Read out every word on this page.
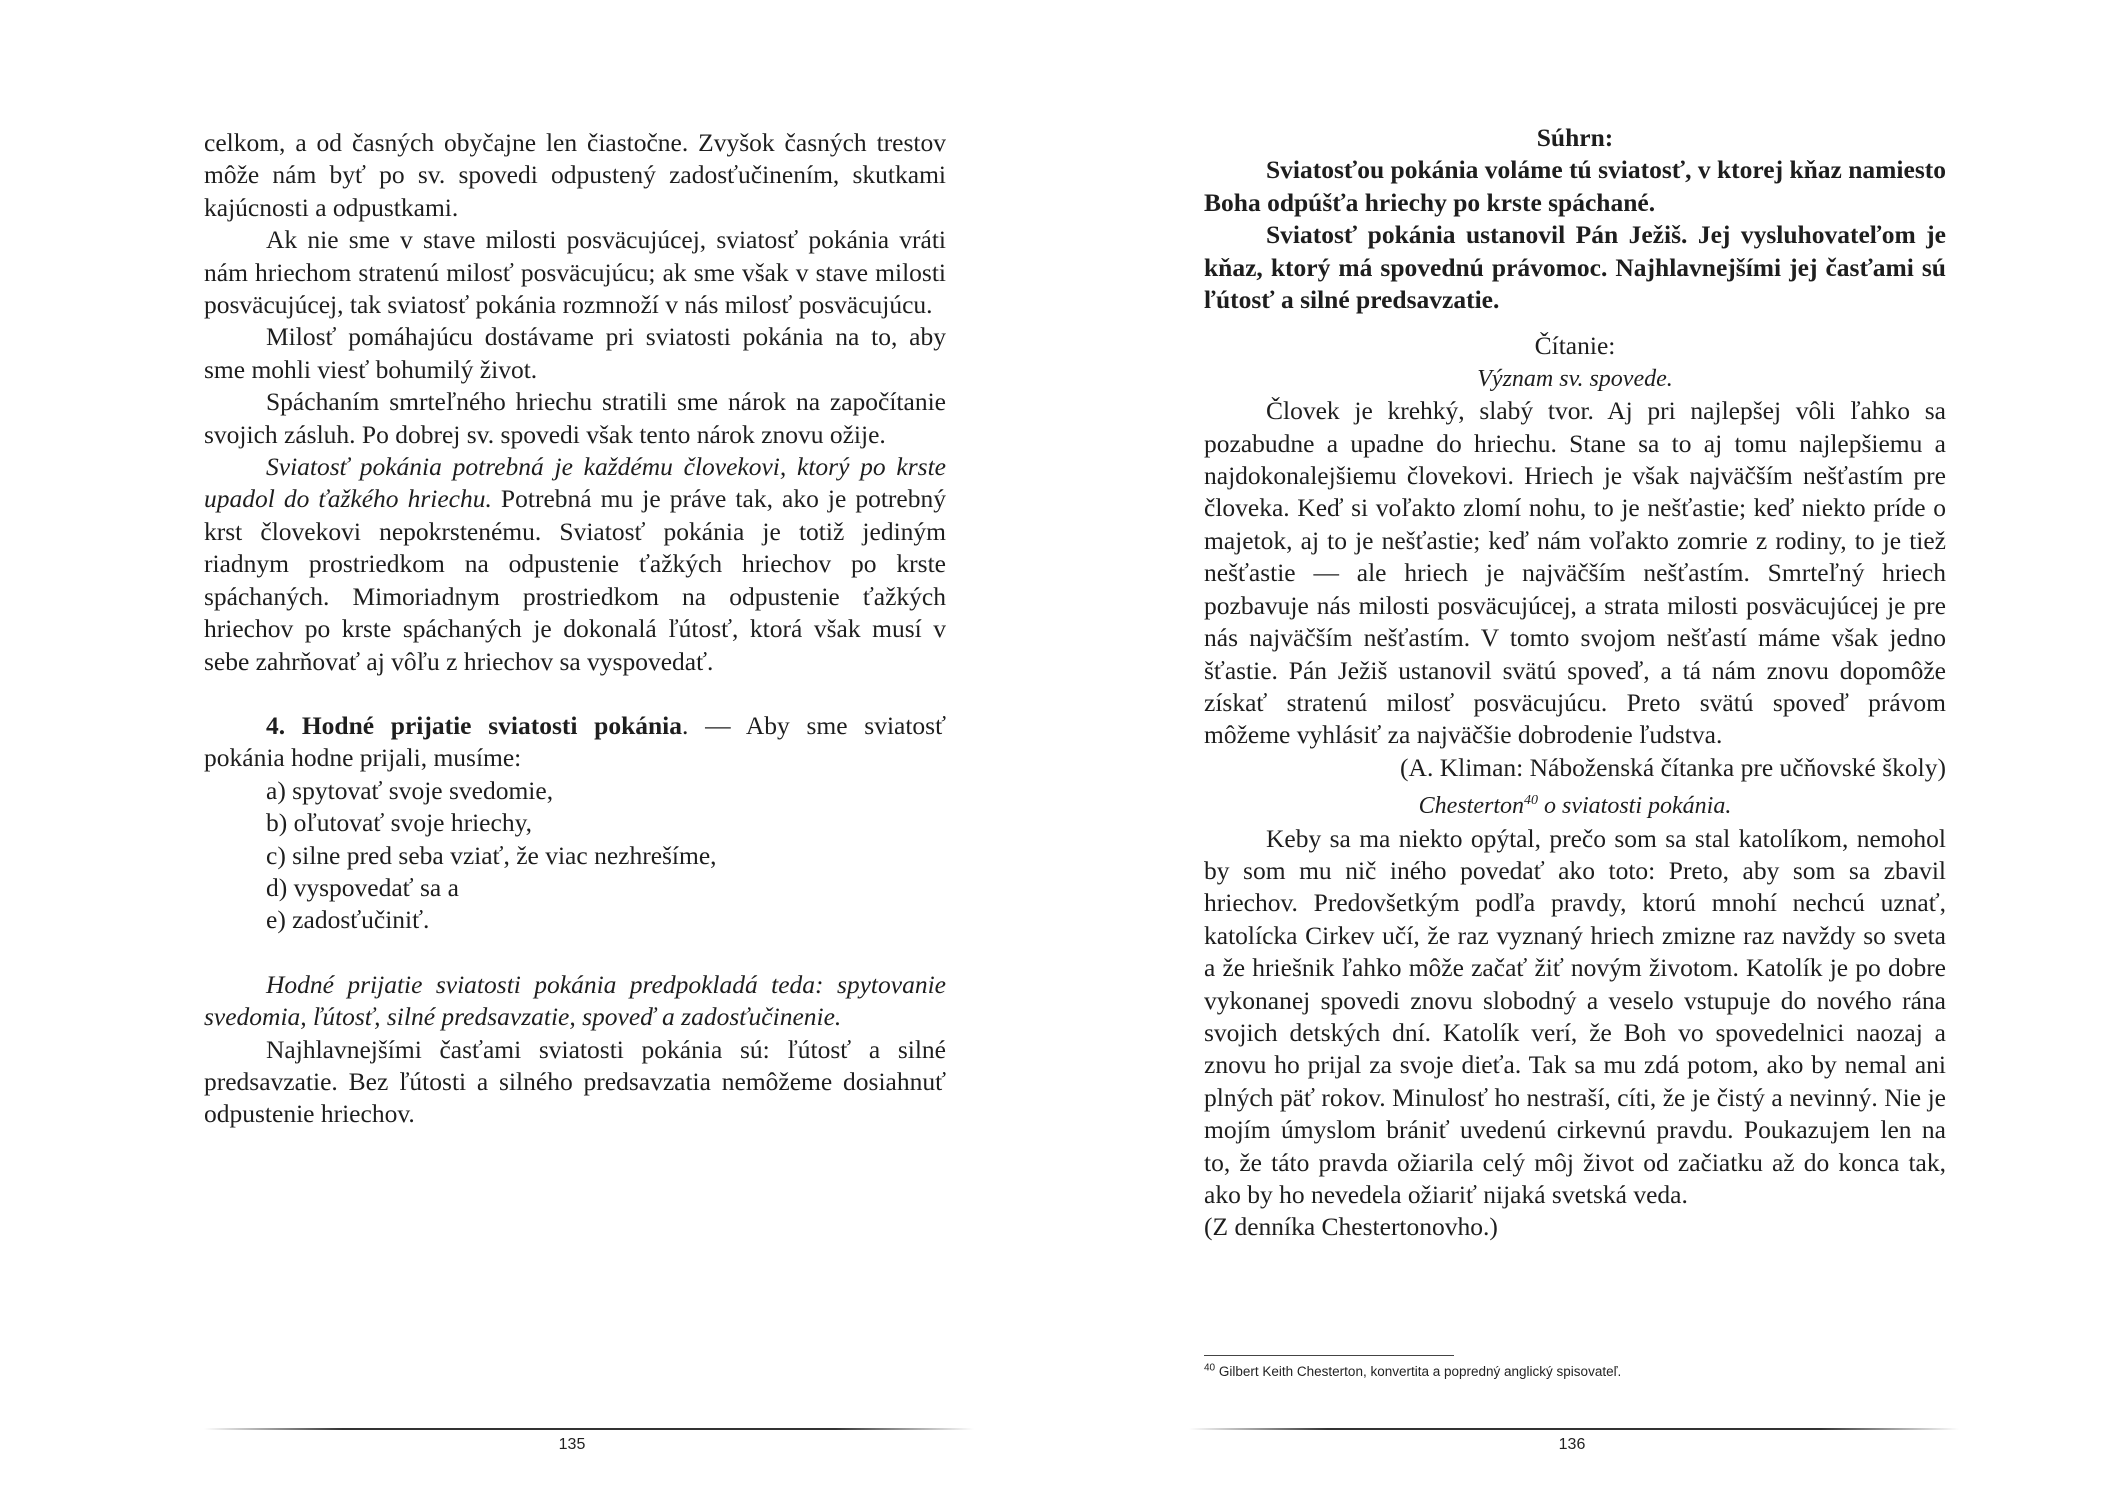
celkom, a od časných obyčajne len čiastočne. Zvyšok časných trestov môže nám byť po sv. spovedi odpustený zadosťučinením, skutkami kajúcnosti a odpustkami.

Ak nie sme v stave milosti posväcujúcej, sviatosť pokánia vráti nám hriechom stratenú milosť posväcujúcu; ak sme však v stave milosti posväcujúcej, tak sviatosť pokánia rozmnoží v nás milosť posväcujúcu.

Milosť pomáhajúcu dostávame pri sviatosti pokánia na to, aby sme mohli viesť bohumilý život.

Spáchaním smrteľného hriechu stratili sme nárok na započítanie svojich zásluh. Po dobrej sv. spovedi však tento nárok znovu ožije.

Sviatosť pokánia potrebná je každému človekovi, ktorý po krste upadol do ťažkého hriechu. Potrebná mu je práve tak, ako je potrebný krst človekovi nepokrstenému. Sviatosť pokánia je totiž jediným riadnym prostriedkom na odpustenie ťažkých hriechov po krste spáchaných. Mimoriadnym prostriedkom na odpustenie ťažkých hriechov po krste spáchaných je dokonalá ľútosť, ktorá však musí v sebe zahrňovať aj vôľu z hriechov sa vyspovedať.

4. Hodné prijatie sviatosti pokánia. — Aby sme sviatosť pokánia hodne prijali, musíme:

a) spytovať svoje svedomie,
b) oľutovať svoje hriechy,
c) silne pred seba vziať, že viac nezhrešíme,
d) vyspovedať sa a
e) zadosťučiniť.

Hodné prijatie sviatosti pokánia predpokladá teda: spytovanie svedomia, ľútosť, silné predsavzatie, spoveď a zadosťučinenie.

Najhlavnejšími časťami sviatosti pokánia sú: ľútosť a silné predsavzatie. Bez ľútosti a silného predsavzatia nemôžeme dosiahnuť odpustenie hriechov.

135

Súhrn:

Sviatosťou pokánia voláme tú sviatosť, v ktorej kňaz namiesto Boha odpúšťa hriechy po krste spáchané.

Sviatosť pokánia ustanovil Pán Ježiš. Jej vysluhovateľom je kňaz, ktorý má spovednú právomoc. Najhlavnejšími jej časťami sú ľútosť a silné predsavzatie.

Čítanie:

Význam sv. spovede.

Človek je krehký, slabý tvor. Aj pri najlepšej vôli ľahko sa pozabudne a upadne do hriechu. Stane sa to aj tomu najlepšiemu a najdokonalejšiemu človekovi. Hriech je však najväčším nešťastím pre človeka. Keď si voľakto zlomí nohu, to je nešťastie; keď niekto príde o majetok, aj to je nešťastie; keď nám voľakto zomrie z rodiny, to je tiež nešťastie — ale hriech je najväčším nešťastím. Smrteľný hriech pozbavuje nás milosti posväcujúcej, a strata milosti posväcujúcej je pre nás najväčším nešťastím. V tomto svojom nešťastí máme však jedno šťastie. Pán Ježiš ustanovil svätú spoveď, a tá nám znovu dopomôže získať stratenú milosť posväcujúcu. Preto svätú spoveď právom môžeme vyhlásiť za najväčšie dobrodenie ľudstva.

(A. Kliman: Náboženská čítanka pre učňovské školy)

Chesterton$^{40}$ o sviatosti pokánia.

Keby sa ma niekto opýtal, prečo som sa stal katolíkom, nemohol by som mu nič iného povedať ako toto: Preto, aby som sa zbavil hriechov. Predovšetkým podľa pravdy, ktorú mnohí nechcú uznať, katolícka Cirkev učí, že raz vyznaný hriech zmizne raz navždy so sveta a že hriešnik ľahko môže začať žiť novým životom. Katolík je po dobre vykonanej spovedi znovu slobodný a veselo vstupuje do nového rána svojich detských dní. Katolík verí, že Boh vo spovedelnici naozaj a znovu ho prijal za svoje dieťa. Tak sa mu zdá potom, ako by nemal ani plných päť rokov. Minulosť ho nestraší, cíti, že je čistý a nevinný. Nie je mojím úmyslom brániť uvedenú cirkevnú pravdu. Poukazujem len na to, že táto pravda ožiarila celý môj život od začiatku až do konca tak, ako by ho nevedela ožiariť nijaká svetská veda.

(Z denníka Chestertonovho.)

$^{40}$ Gilbert Keith Chesterton, konvertita a popredný anglický spisovateľ.
136
